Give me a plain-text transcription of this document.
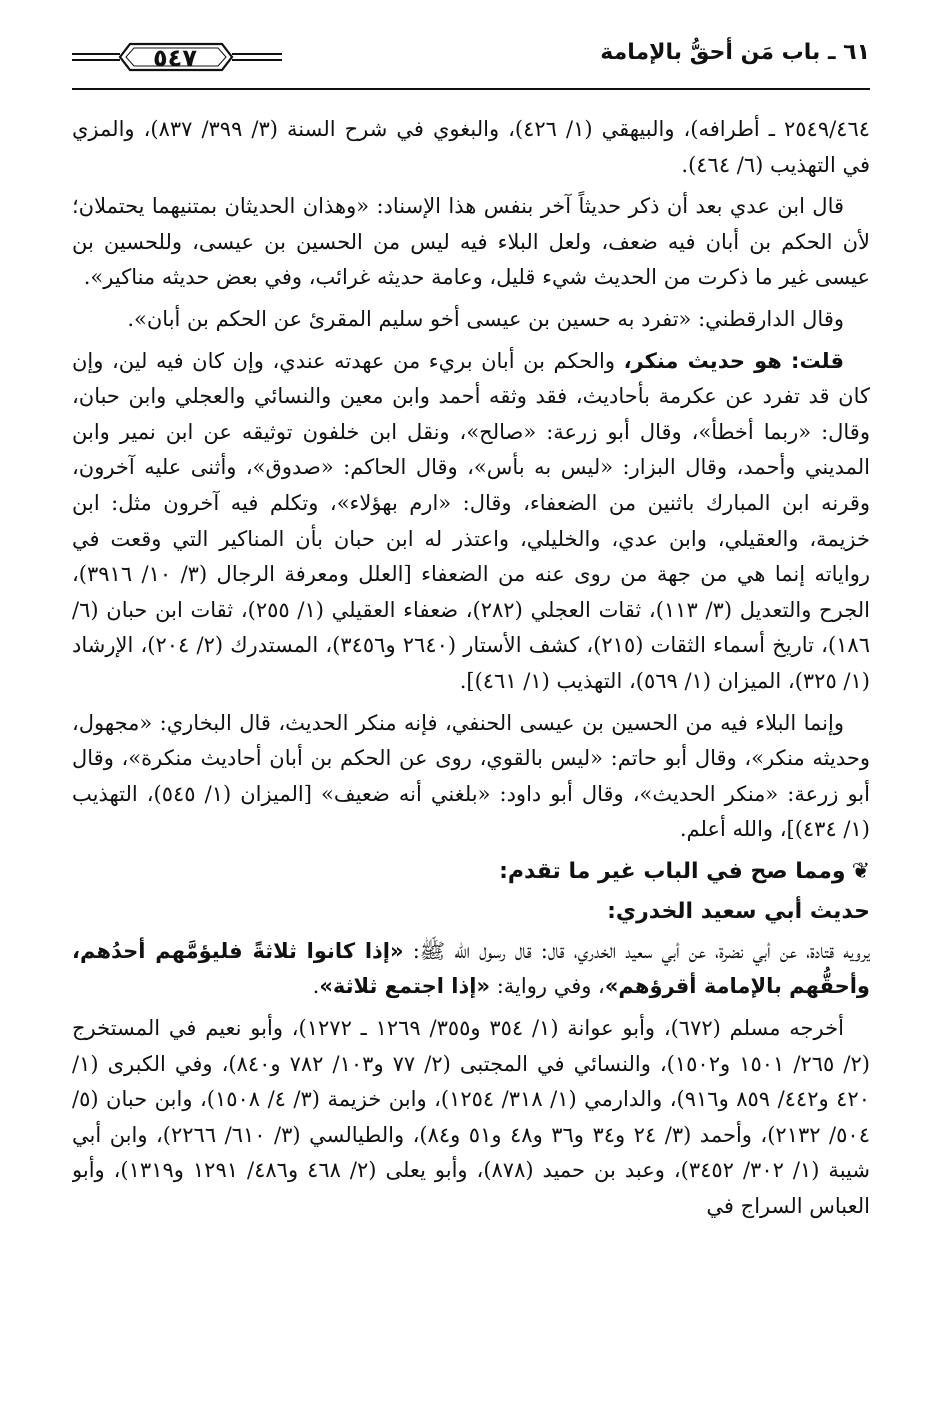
٥٤٧	٦١ ـ باب مَن أحقُّ بالإمامة

٢٥٤٩/٤٦٤ ـ أطرافه)، والبيهقي (١/ ٤٢٦)، والبغوي في شرح السنة (٣/ ٣٩٩/ ٨٣٧)، والمزي في التهذيب (٦/ ٤٦٤).

قال ابن عدي بعد أن ذكر حديثاً آخر بنفس هذا الإسناد: «وهذان الحديثان بمتنيهما يحتملان؛ لأن الحكم بن أبان فيه ضعف، ولعل البلاء فيه ليس من الحسين بن عيسى، وللحسين بن عيسى غير ما ذكرت من الحديث شيء قليل، وعامة حديثه غرائب، وفي بعض حديثه مناكير».

وقال الدارقطني: «تفرد به حسين بن عيسى أخو سليم المقرئ عن الحكم بن أبان».

قلت: هو حديث منكر، والحكم بن أبان بريء من عهدته عندي، وإن كان فيه لين، وإن كان قد تفرد عن عكرمة بأحاديث، فقد وثقه أحمد وابن معين والنسائي والعجلي وابن حبان، وقال: «ربما أخطأ»، وقال أبو زرعة: «صالح»، ونقل ابن خلفون توثيقه عن ابن نمير وابن المديني وأحمد، وقال البزار: «ليس به بأس»، وقال الحاكم: «صدوق»، وأثنى عليه آخرون، وقرنه ابن المبارك باثنين من الضعفاء، وقال: «ارم بهؤلاء»، وتكلم فيه آخرون مثل: ابن خزيمة، والعقيلي، وابن عدي، والخليلي، واعتذر له ابن حبان بأن المناكير التي وقعت في رواياته إنما هي من جهة من روى عنه من الضعفاء [العلل ومعرفة الرجال (٣/ ١٠/ ٣٩١٦)، الجرح والتعديل (٣/ ١١٣)، ثقات العجلي (٢٨٢)، ضعفاء العقيلي (١/ ٢٥٥)، ثقات ابن حبان (٦/ ١٨٦)، تاريخ أسماء الثقات (٢١٥)، كشف الأستار (٢٦٤٠ و٣٤٥٦)، المستدرك (٢/ ٢٠٤)، الإرشاد (١/ ٣٢٥)، الميزان (١/ ٥٦٩)، التهذيب (١/ ٤٦١)].

وإنما البلاء فيه من الحسين بن عيسى الحنفي، فإنه منكر الحديث، قال البخاري: «مجهول، وحديثه منكر»، وقال أبو حاتم: «ليس بالقوي، روى عن الحكم بن أبان أحاديث منكرة»، وقال أبو زرعة: «منكر الحديث»، وقال أبو داود: «بلغني أنه ضعيف» [الميزان (١/ ٥٤٥)، التهذيب (١/ ٤٣٤)]، والله أعلم.

❦ومما صح في الباب غير ما تقدم:
حديث أبي سعيد الخدري:

يرويه قتادة، عن أبي نضرة، عن أبي سعيد الخدري، قال: قال رسول الله ﷺ: «إذا كانوا ثلاثةً فليؤمَّهم أحدُهم، وأحقُّهم بالإمامة أقرؤهم»، وفي رواية: «إذا اجتمع ثلاثة».

أخرجه مسلم (٦٧٢)، وأبو عوانة (١/ ٣٥٤ و٣٥٥/ ١٢٦٩ ـ ١٢٧٢)، وأبو نعيم في المستخرج (٢/ ٢٦٥/ ١٥٠١ و١٥٠٢)، والنسائي في المجتبى (٢/ ٧٧ و١٠٣/ ٧٨٢ و٨٤٠)، وفي الكبرى (١/ ٤٢٠ و٤٤٢/ ٨٥٩ و٩١٦)، والدارمي (١/ ٣١٨/ ١٢٥٤)، وابن خزيمة (٣/ ٤/ ١٥٠٨)، وابن حبان (٥/ ٥٠٤/ ٢١٣٢)، وأحمد (٣/ ٢٤ و٣٤ و٣٦ و٤٨ و٥١ و٨٤)، والطيالسي (٣/ ٦١٠/ ٢٢٦٦)، وابن أبي شيبة (١/ ٣٠٢/ ٣٤٥٢)، وعبد بن حميد (٨٧٨)، وأبو يعلى (٢/ ٤٦٨ و٤٨٦/ ١٢٩١ و١٣١٩)، وأبو العباس السراج في
